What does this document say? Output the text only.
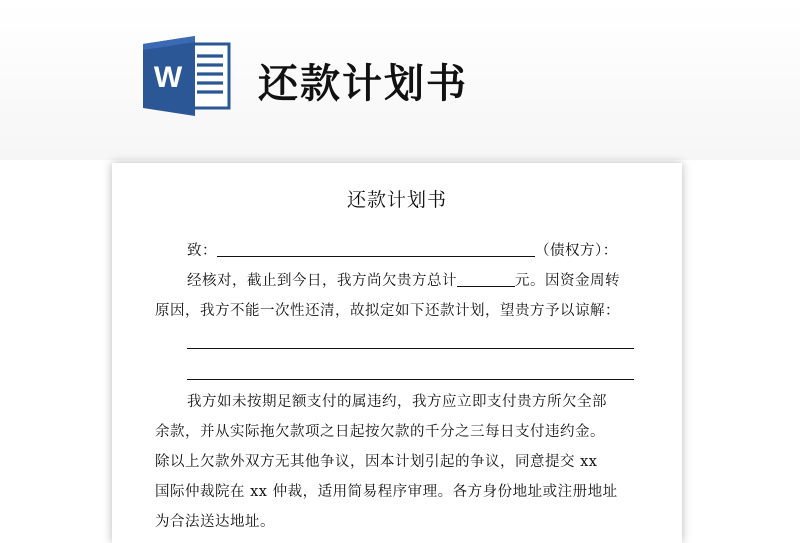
W 还款计划书
还款计划书
致：	（债权方）：
经核对，截止到今日，我方尚欠贵方总计	元。因资金周转
原因，我方不能一次性还清，故拟定如下还款计划，望贵方予以谅解：
我方如未按期足额支付的属违约，我方应立即支付贵方所欠全部
余款，并从实际拖欠款项之日起按欠款的千分之三每日支付违约金。
除以上欠款外双方无其他争议，因本计划引起的争议，同意提交 xx
国际仲裁院在 xx 仲裁，适用简易程序审理。各方身份地址或注册地址
为合法送达地址。
